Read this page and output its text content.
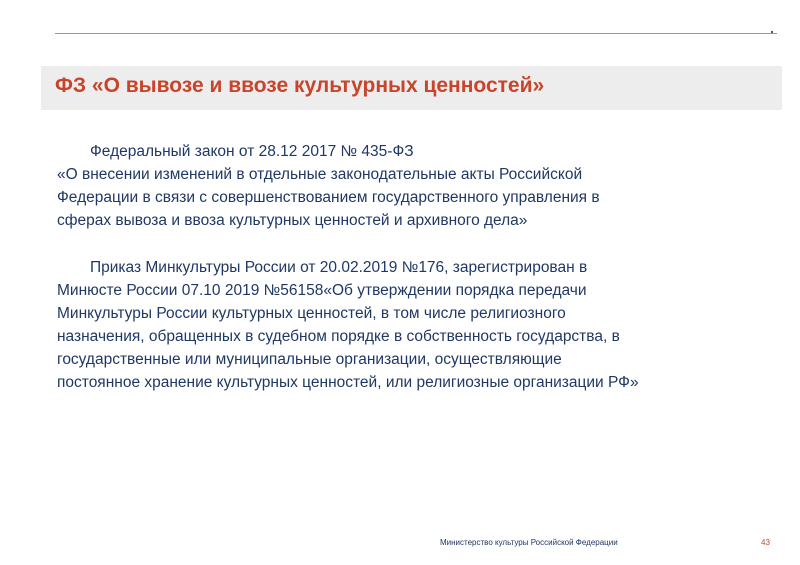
ФЗ «О вывозе и ввозе культурных ценностей»

Федеральный закон от 28.12 2017 № 435-ФЗ
«О внесении изменений в отдельные законодательные акты Российской
Федерации в связи с совершенствованием государственного управления в
сферах вывоза и ввоза культурных ценностей и архивного дела»

Приказ Минкультуры России от 20.02.2019 №176, зарегистрирован в
Минюсте России 07.10 2019 №56158«Об утверждении порядка передачи
Минкультуры России культурных ценностей, в том числе религиозного
назначения, обращенных в судебном порядке в собственность государства, в
государственные или муниципальные организации, осуществляющие
постоянное хранение культурных ценностей, или религиозные организации РФ»

Министерство культуры Российской Федерации	43
